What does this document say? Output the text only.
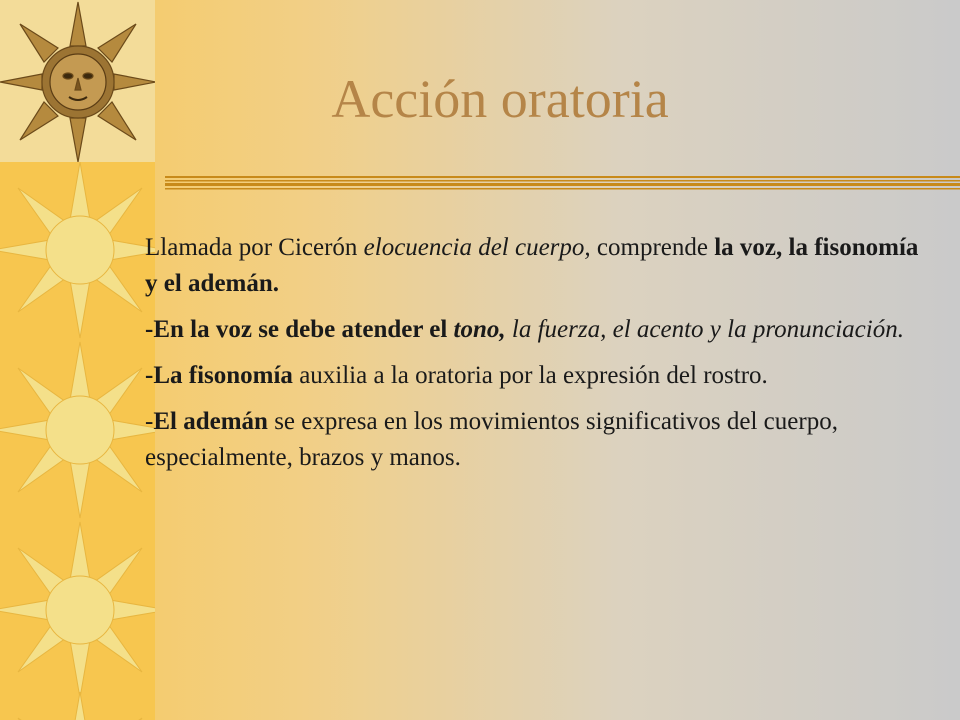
Acción oratoria

Llamada por Cicerón elocuencia del cuerpo, comprende la voz, la fisonomía y el ademán.

-En la voz se debe atender el tono, la fuerza, el acento y la pronunciación.

-La fisonomía auxilia a la oratoria por la expresión del rostro.

-El ademán se expresa en los movimientos significativos del cuerpo, especialmente, brazos y manos.
